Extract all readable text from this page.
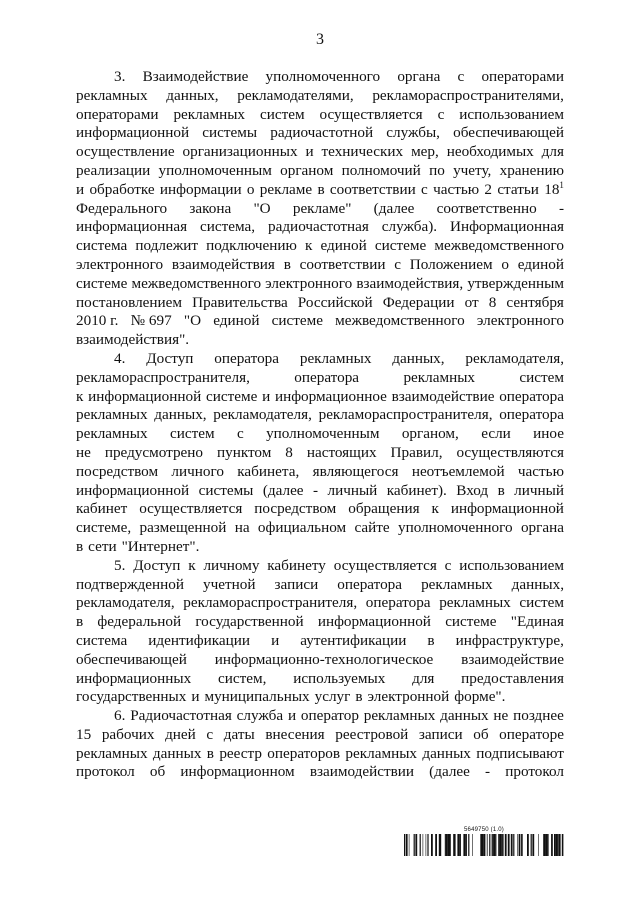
3
3. Взаимодействие уполномоченного органа с операторами
рекламных данных, рекламодателями, рекламораспространителями,
операторами рекламных систем осуществляется с использованием
информационной системы радиочастотной службы, обеспечивающей
осуществление организационных и технических мер, необходимых для
реализации уполномоченным органом полномочий по учету, хранению
и обработке информации о рекламе в соответствии с частью 2 статьи 18$^1$
Федерального закона "О рекламе" (далее соответственно -
информационная система, радиочастотная служба). Информационная
система подлежит подключению к единой системе межведомственного
электронного взаимодействия в соответствии с Положением о единой
системе межведомственного электронного взаимодействия, утвержденным
постановлением Правительства Российской Федерации от 8 сентября
2010 г. № 697 "О единой системе межведомственного электронного
взаимодействия".
4. Доступ оператора рекламных данных, рекламодателя,
рекламораспространителя,	оператора	рекламных	систем
к информационной системе и информационное взаимодействие оператора
рекламных данных, рекламодателя, рекламораспространителя, оператора
рекламных систем с уполномоченным органом, если иное
не предусмотрено пунктом 8 настоящих Правил, осуществляются
посредством личного кабинета, являющегося неотъемлемой частью
информационной системы (далее - личный кабинет). Вход в личный
кабинет осуществляется посредством обращения к информационной
системе, размещенной на официальном сайте уполномоченного органа
в сети "Интернет".
5. Доступ к личному кабинету осуществляется с использованием
подтвержденной учетной записи оператора рекламных данных,
рекламодателя, рекламораспространителя, оператора рекламных систем
в федеральной государственной информационной системе "Единая
система идентификации и аутентификации в инфраструктуре,
обеспечивающей информационно-технологическое взаимодействие
информационных систем, используемых для предоставления
государственных и муниципальных услуг в электронной форме".
6. Радиочастотная служба и оператор рекламных данных не позднее
15 рабочих дней с даты внесения реестровой записи об операторе
рекламных данных в реестр операторов рекламных данных подписывают
протокол об информационном взаимодействии (далее - протокол
5649750 (1.0)
